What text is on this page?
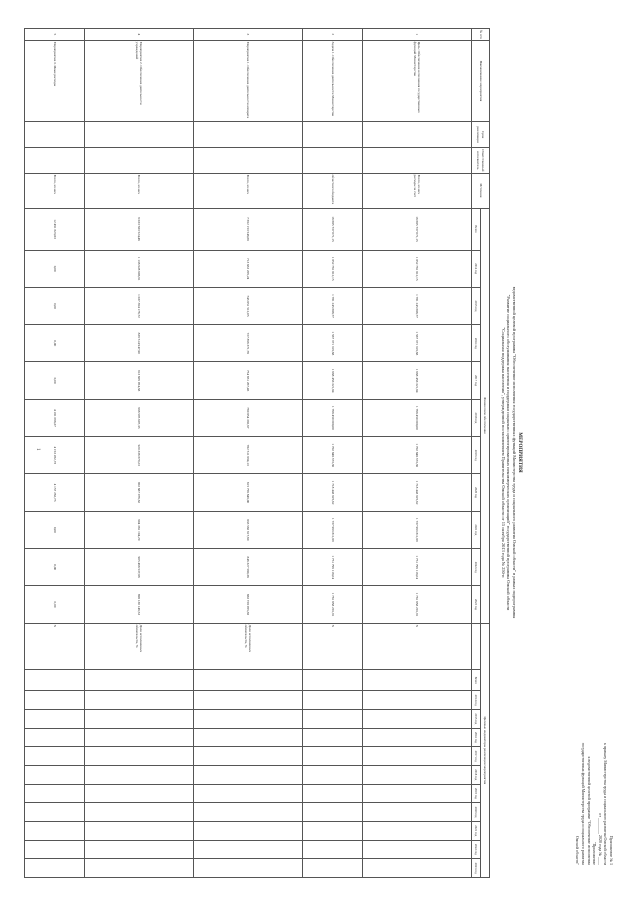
1
Приложение № 1
к приказу Министерства труда и социального развития Омской области
от ________ 2020 года № ____
"Приложение
к ведомственной целевой программе "Обеспечение исполнения
государственных функций Министерства труда и социального развития
Омской области"
МЕРОПРИЯТИЯ
ведомственной целевой программы "Обеспечение исполнения государственных функций Министерства труда и социального развития Омской области" в рамках подпрограммы
"Развитие социального обслуживания населения и поддержки социально ориентированных некоммерческих организаций" государственной программы Омской области
"Социальная поддержка населения", утвержденной постановлением Правительства Омской области от 15 октября 2013 года № 250-п
№ п/п	Наименование мероприятия	Срок реализации	Ответственный исполнитель	Источник	Финансовое обеспечение											Целевые индикаторы реализации мероприятия											
					Всего	2014 год	2015 год	2016 год	2017 год	2018 год	2019 год	2020 год	2021 год	2022 год	2023 год		Всего	2014 год	2015 год	2016 год	2017 год	2018 год	2019 год	2020 год	2021 год	2022 год	2023 год
1	Цель: Обеспечение исполнения государственных функций Министерства			Всего, из них расходы за счет	16 685 737 071,15	1 852 761 812,15	1 781 245 688,77	1 567 371 319,68	1 668 456 321,84	1 768 450 000,00	1 702 848 373,36	1 718 443 925,62	1 737 963 811,89	1 751 796 118,04	1 761 858 201,91	Х											
2	Задача 1. Обеспечение деятельности Министерства			областного бюджета	16 685 737 071,15	1 852 761 812,15	1 781 245 688,77	1 567 371 319,68	1 668 456 321,84	1 768 450 000,00	1 702 848 373,36	1 718 443 925,62	1 737 963 811,89	1 751 796 118,04	1 761 858 201,91	Х											
3	Мероприятие 1. Обеспечение деятельности аппарата			Всего, из них	7 652 153 546,69	713 833 205,24	743 851 512,05	727 856 371,78	754 851 267,46	769 854 392,67	782 511 694,13	815 756 849,00	833 582 617,60	846 327 580,38	863 728 055,38	Доля исполненных обязательств, %											
4	Мероприятие 2. Обеспечение деятельности учреждений			Всего, из них	9 033 583 524,46	1 138 928 606,91	1 037 394 176,72	839 514 947,90	913 605 054,38	998 595 607,33	920 336 679,23	902 687 076,62	904 381 194,29	905 468 537,66	898 130 146,53	Доля исполненных обязательств, %											
5	Мероприятие 3. Иные расходы			Всего, из них	12 491 623,83	0,00	0,00	0,00	0,00	4 181 098,37	4 153 262,73	4 157 262,73	0,00	0,00	0,00	Х											
